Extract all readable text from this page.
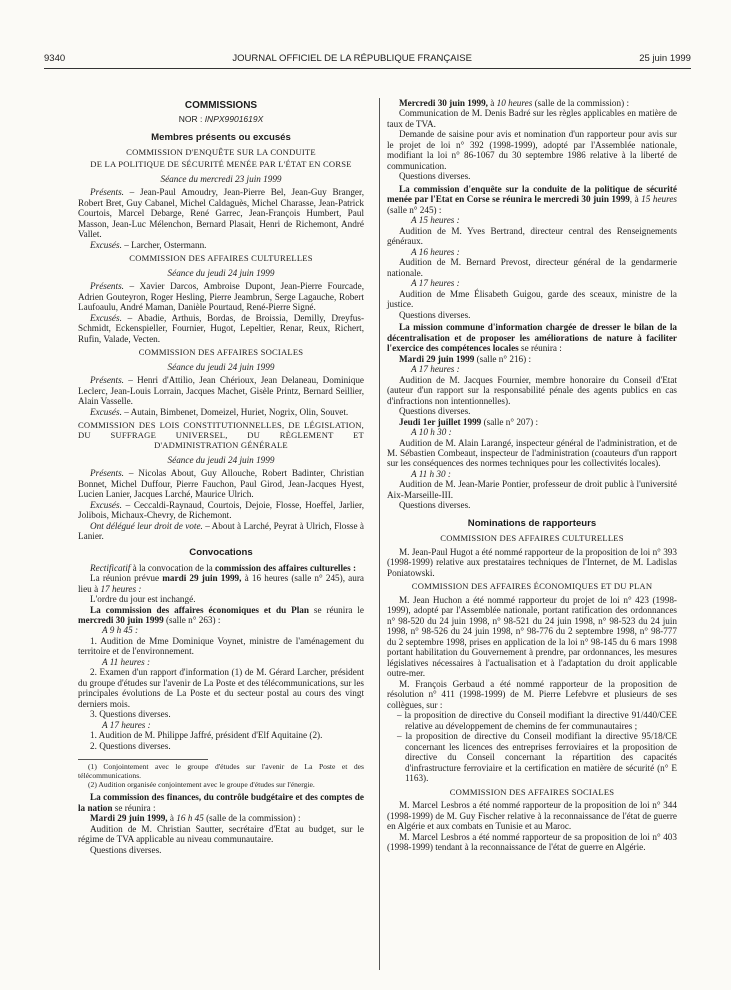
9340	JOURNAL OFFICIEL DE LA RÉPUBLIQUE FRANÇAISE	25 juin 1999
COMMISSIONS
NOR : INPX9901619X
Membres présents ou excusés
COMMISSION D'ENQUÊTE SUR LA CONDUITE
DE LA POLITIQUE DE SÉCURITÉ MENÉE PAR L'ÉTAT EN CORSE
Séance du mercredi 23 juin 1999

Présents. – Jean-Paul Amoudry, Jean-Pierre Bel, Jean-Guy Branger, Robert Bret, Guy Cabanel, Michel Caldaguès, Michel Charasse, Jean-Patrick Courtois, Marcel Debarge, René Garrec, Jean-François Humbert, Paul Masson, Jean-Luc Mélenchon, Bernard Plasait, Henri de Richemont, André Vallet.

Excusés. – Larcher, Ostermann.

COMMISSION DES AFFAIRES CULTURELLES
Séance du jeudi 24 juin 1999

Présents. – Xavier Darcos, Ambroise Dupont, Jean-Pierre Fourcade, Adrien Gouteyron, Roger Hesling, Pierre Jeambrun, Serge Lagauche, Robert Laufoaulu, André Maman, Danièle Pourtaud, René-Pierre Signé.

Excusés. – Abadie, Arthuis, Bordas, de Broissia, Demilly, Dreyfus-Schmidt, Eckenspieller, Fournier, Hugot, Lepeltier, Renar, Reux, Richert, Rufin, Valade, Vecten.

COMMISSION DES AFFAIRES SOCIALES
Séance du jeudi 24 juin 1999

Présents. – Henri d'Attilio, Jean Chérioux, Jean Delaneau, Dominique Leclerc, Jean-Louis Lorrain, Jacques Machet, Gisèle Printz, Bernard Seillier, Alain Vasselle.

Excusés. – Autain, Bimbenet, Domeizel, Huriet, Nogrix, Olin, Souvet.

COMMISSION DES LOIS CONSTITUTIONNELLES, DE LÉGISLATION, DU SUFFRAGE UNIVERSEL, DU RÈGLEMENT ET D'ADMINISTRATION GÉNÉRALE
Séance du jeudi 24 juin 1999

Présents. – Nicolas About, Guy Allouche, Robert Badinter, Christian Bonnet, Michel Duffour, Pierre Fauchon, Paul Girod, Jean-Jacques Hyest, Lucien Lanier, Jacques Larché, Maurice Ulrich.

Excusés. – Ceccaldi-Raynaud, Courtois, Dejoie, Flosse, Hoeffel, Jarlier, Jolibois, Michaux-Chevry, de Richemont.

Ont délégué leur droit de vote. – About à Larché, Peyrat à Ulrich, Flosse à Lanier.

Convocations

Rectificatif à la convocation de la commission des affaires culturelles :

La réunion prévue mardi 29 juin 1999, à 16 heures (salle n° 245), aura lieu à 17 heures :

L'ordre du jour est inchangé.

La commission des affaires économiques et du Plan se réunira le mercredi 30 juin 1999 (salle n° 263) :

A 9 h 45 :

1. Audition de Mme Dominique Voynet, ministre de l'aménagement du territoire et de l'environnement.

A 11 heures :

2. Examen d'un rapport d'information (1) de M. Gérard Larcher, président du groupe d'études sur l'avenir de La Poste et des télécommunications, sur les principales évolutions de La Poste et du secteur postal au cours des vingt derniers mois.

3. Questions diverses.

A 17 heures :

1. Audition de M. Philippe Jaffré, président d'Elf Aquitaine (2).

2. Questions diverses.

(1) Conjointement avec le groupe d'études sur l'avenir de La Poste et des télécommunications.

(2) Audition organisée conjointement avec le groupe d'études sur l'énergie.

La commission des finances, du contrôle budgétaire et des comptes de la nation se réunira :

Mardi 29 juin 1999, à 16 h 45 (salle de la commission) :

Audition de M. Christian Sautter, secrétaire d'Etat au budget, sur le régime de TVA applicable au niveau communautaire.

Questions diverses.

Mercredi 30 juin 1999, à 10 heures (salle de la commission) :

Communication de M. Denis Badré sur les règles applicables en matière de taux de TVA.

Demande de saisine pour avis et nomination d'un rapporteur pour avis sur le projet de loi n° 392 (1998-1999), adopté par l'Assemblée nationale, modifiant la loi n° 86-1067 du 30 septembre 1986 relative à la liberté de communication.

Questions diverses.

La commission d'enquête sur la conduite de la politique de sécurité menée par l'Etat en Corse se réunira le mercredi 30 juin 1999, à 15 heures (salle n° 245) :

A 15 heures :

Audition de M. Yves Bertrand, directeur central des Renseignements généraux.

A 16 heures :

Audition de M. Bernard Prevost, directeur général de la gendarmerie nationale.

A 17 heures :

Audition de Mme Élisabeth Guigou, garde des sceaux, ministre de la justice.

Questions diverses.

La mission commune d'information chargée de dresser le bilan de la décentralisation et de proposer les améliorations de nature à faciliter l'exercice des compétences locales se réunira :

Mardi 29 juin 1999 (salle n° 216) :

A 17 heures :

Audition de M. Jacques Fournier, membre honoraire du Conseil d'Etat (auteur d'un rapport sur la responsabilité pénale des agents publics en cas d'infractions non intentionnelles).

Questions diverses.

Jeudi 1er juillet 1999 (salle n° 207) :

A 10 h 30 :

Audition de M. Alain Larangé, inspecteur général de l'administration, et de M. Sébastien Combeaut, inspecteur de l'administration (coauteurs d'un rapport sur les conséquences des normes techniques pour les collectivités locales).

A 11 h 30 :

Audition de M. Jean-Marie Pontier, professeur de droit public à l'université Aix-Marseille-III.

Questions diverses.

Nominations de rapporteurs
COMMISSION DES AFFAIRES CULTURELLES

M. Jean-Paul Hugot a été nommé rapporteur de la proposition de loi n° 393 (1998-1999) relative aux prestataires techniques de l'Internet, de M. Ladislas Poniatowski.

COMMISSION DES AFFAIRES ÉCONOMIQUES ET DU PLAN

M. Jean Huchon a été nommé rapporteur du projet de loi n° 423 (1998-1999), adopté par l'Assemblée nationale, portant ratification des ordonnances n° 98-520 du 24 juin 1998, n° 98-521 du 24 juin 1998, n° 98-523 du 24 juin 1998, n° 98-526 du 24 juin 1998, n° 98-776 du 2 septembre 1998, n° 98-777 du 2 septembre 1998, prises en application de la loi n° 98-145 du 6 mars 1998 portant habilitation du Gouvernement à prendre, par ordonnances, les mesures législatives nécessaires à l'actualisation et à l'adaptation du droit applicable outre-mer.

M. François Gerbaud a été nommé rapporteur de la proposition de résolution n° 411 (1998-1999) de M. Pierre Lefebvre et plusieurs de ses collègues, sur :

– la proposition de directive du Conseil modifiant la directive 91/440/CEE relative au développement de chemins de fer communautaires ;
– la proposition de directive du Conseil modifiant la directive 95/18/CE concernant les licences des entreprises ferroviaires et la proposition de directive du Conseil concernant la répartition des capacités d'infrastructure ferroviaire et la certification en matière de sécurité (n° E 1163).
COMMISSION DES AFFAIRES SOCIALES

M. Marcel Lesbros a été nommé rapporteur de la proposition de loi n° 344 (1998-1999) de M. Guy Fischer relative à la reconnaissance de l'état de guerre en Algérie et aux combats en Tunisie et au Maroc.

M. Marcel Lesbros a été nommé rapporteur de sa proposition de loi n° 403 (1998-1999) tendant à la reconnaissance de l'état de guerre en Algérie.
